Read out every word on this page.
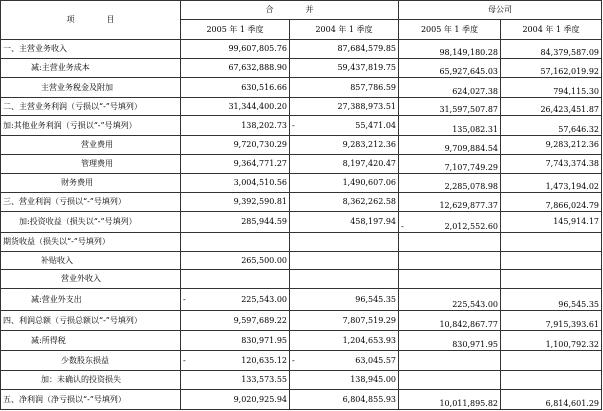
项　　　　目	合　　　　并		母公司	
	2005 年 1 季度	2004 年 1 季度	2005 年 1 季度	2004 年 1 季度
一、主营业务收入	99,607,805.76	87,684,579.85	98,149,180.28	84,379,587.09
减:主营业务成本	67,632,888.90	59,437,819.75	65,927,645.03	57,162,019.92
主营业务税金及附加	630,516.66	857,786.59	624,027.38	794,115.30
二、主营业务利润（亏损以“-”号填列）	31,344,400.20	27,388,973.51	31,597,507.87	26,423,451.87
加:其他业务利润（亏损以“-”号填列）	138,202.73	- 55,471.04	135,082.31	57,646.32
营业费用	9,720,730.29	9,283,212.36	9,709,884.54	9,283,212.36
管理费用	9,364,771.27	8,197,420.47	7,107,749.29	7,743,374.38
财务费用	3,004,510.56	1,490,607.06	2,285,078.98	1,473,194.02
三、营业利润（亏损以“-”号填列）	9,392,590.81	8,362,262.58	12,629,877.37	7,866,024.79
加:投资收益（损失以“-”号填列）	285,944.59	458,197.94	- 2,012,552.60	145,914.17
期货收益（损失以“-”号填列）				
补贴收入	265,500.00			
营业外收入				
减:营业外支出	- 225,543.00	96,545.35	225,543.00	96,545.35
四、利润总额（亏损总额以“-”号填列）	9,597,689.22	7,807,519.29	10,842,867.77	7,915,393.61
减:所得税	830,971.95	1,204,653.93	830,971.95	1,100,792.32
少数股东损益	- 120,635.12	- 63,045.57		
加：未确认的投资损失	133,573.55	138,945.00		
五、净利润（净亏损以“-”号填列）	9,020,925.94	6,804,855.93	10,011,895.82	6,814,601.29
